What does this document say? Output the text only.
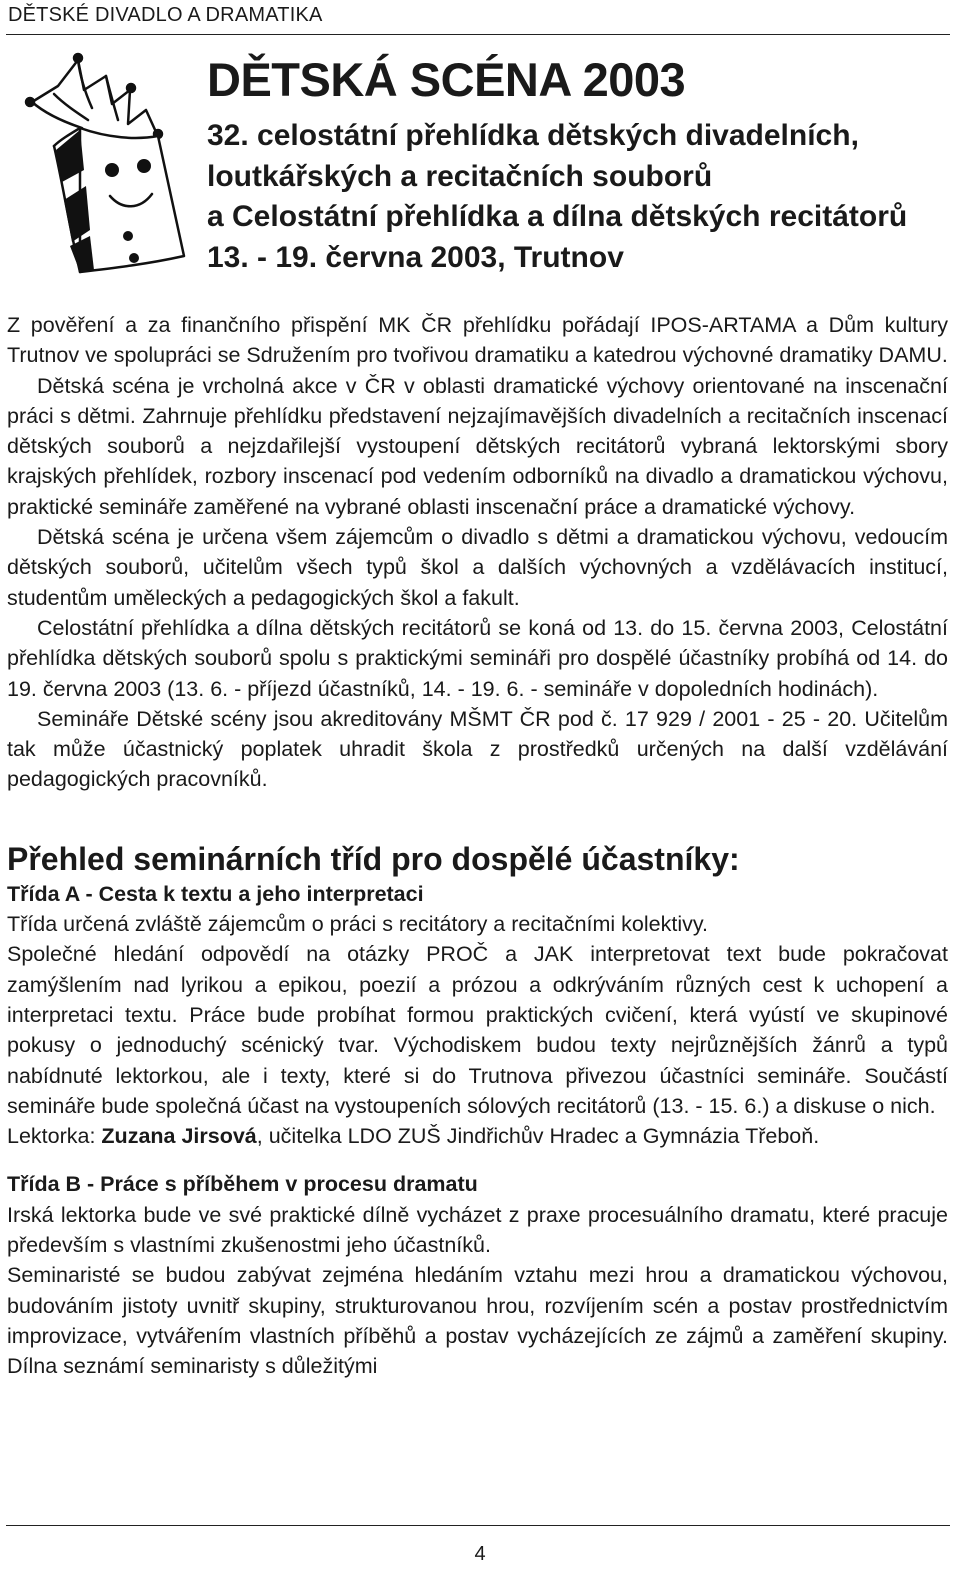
DĚTSKÉ DIVADLO A DRAMATIKA
DĚTSKÁ SCÉNA 2003
32. celostátní přehlídka dětských divadelních,
loutkářských a recitačních souborů
a Celostátní přehlídka a dílna dětských recitátorů
13. - 19. června 2003, Trutnov

Z pověření a za finančního přispění MK ČR přehlídku pořádají IPOS-ARTAMA a Dům kultury Trutnov ve spolupráci se Sdružením pro tvořivou dramatiku a katedrou výchovné dramatiky DAMU.

Dětská scéna je vrcholná akce v ČR v oblasti dramatické výchovy orientované na inscenační práci s dětmi. Zahrnuje přehlídku představení nejzajímavějších divadelních a recitačních inscenací dětských souborů a nejzdařilejší vystoupení dětských recitátorů vybraná lektorskými sbory krajských přehlídek, rozbory inscenací pod vedením odborníků na divadlo a dramatickou výchovu, praktické semináře zaměřené na vybrané oblasti inscenační práce a dramatické výchovy.

Dětská scéna je určena všem zájemcům o divadlo s dětmi a dramatickou výchovu, vedoucím dětských souborů, učitelům všech typů škol a dalších výchovných a vzdělávacích institucí, studentům uměleckých a pedagogických škol a fakult.

Celostátní přehlídka a dílna dětských recitátorů se koná od 13. do 15. června 2003, Celostátní přehlídka dětských souborů spolu s praktickými semináři pro dospělé účastníky probíhá od 14. do 19. června 2003 (13. 6. - příjezd účastníků, 14. - 19. 6. - semináře v dopoledních hodinách).

Semináře Dětské scény jsou akreditovány MŠMT ČR pod č. 17 929 / 2001 - 25 - 20. Učitelům tak může účastnický poplatek uhradit škola z prostředků určených na další vzdělávání pedagogických pracovníků.

Přehled seminárních tříd pro dospělé účastníky:
Třída A - Cesta k textu a jeho interpretaci

Třída určená zvláště zájemcům o práci s recitátory a recitačními kolektivy.

Společné hledání odpovědí na otázky PROČ a JAK interpretovat text bude pokračovat zamýšlením nad lyrikou a epikou, poezií a prózou a odkrýváním různých cest k uchopení a interpretaci textu. Práce bude probíhat formou praktických cvičení, která vyústí ve skupinové pokusy o jednoduchý scénický tvar. Východiskem budou texty nejrůznějších žánrů a typů nabídnuté lektorkou, ale i texty, které si do Trutnova přivezou účastníci semináře. Součástí semináře bude společná účast na vystoupeních sólových recitátorů (13. - 15. 6.) a diskuse o nich.

Lektorka: Zuzana Jirsová, učitelka LDO ZUŠ Jindřichův Hradec a Gymnázia Třeboň.

Třída B - Práce s příběhem v procesu dramatu

Irská lektorka bude ve své praktické dílně vycházet z praxe procesuálního dramatu, které pracuje především s vlastními zkušenostmi jeho účastníků.

Seminaristé se budou zabývat zejména hledáním vztahu mezi hrou a dramatickou výchovou, budováním jistoty uvnitř skupiny, strukturovanou hrou, rozvíjením scén a postav prostřednictvím improvizace, vytvářením vlastních příběhů a postav vycházejících ze zájmů a zaměření skupiny. Dílna seznámí seminaristy s důležitými

4
